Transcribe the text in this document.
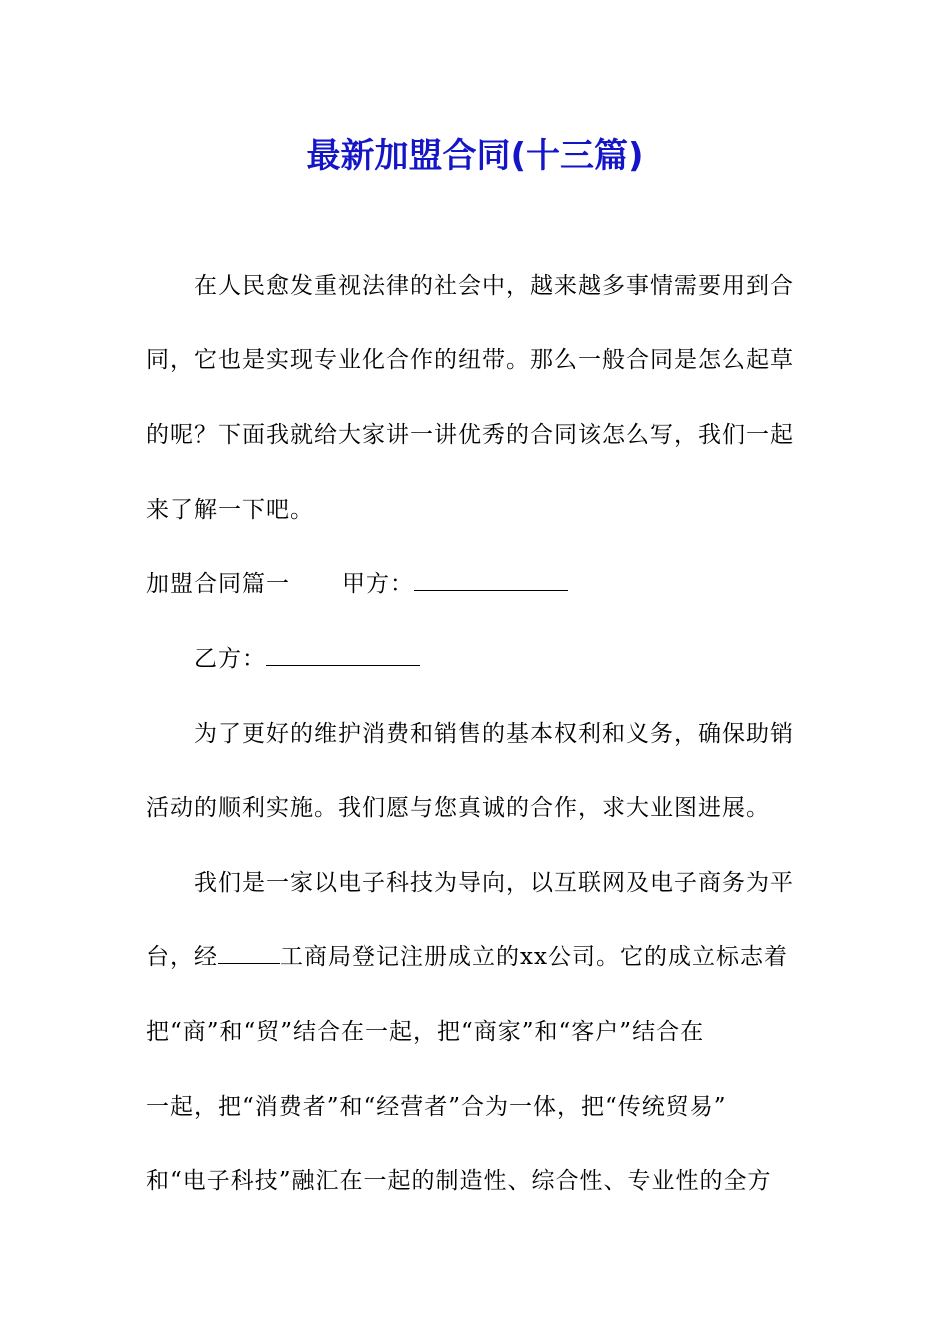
最新加盟合同(十三篇)
在人民愈发重视法律的社会中，越来越多事情需要用到合
同，它也是实现专业化合作的纽带。那么一般合同是怎么起草
的呢？下面我就给大家讲一讲优秀的合同该怎么写，我们一起
来了解一下吧。
加盟合同篇一 甲方：
乙方：
为了更好的维护消费和销售的基本权利和义务，确保助销
活动的顺利实施。我们愿与您真诚的合作，求大业图进展。
我们是一家以电子科技为导向，以互联网及电子商务为平
台，经	工商局登记注册成立的xx公司。它的成立标志着
把“商”和“贸”结合在一起，把“商家”和“客户”结合在
一起，把“消费者”和“经营者”合为一体，把“传统贸易”
和“电子科技”融汇在一起的制造性、综合性、专业性的全方
